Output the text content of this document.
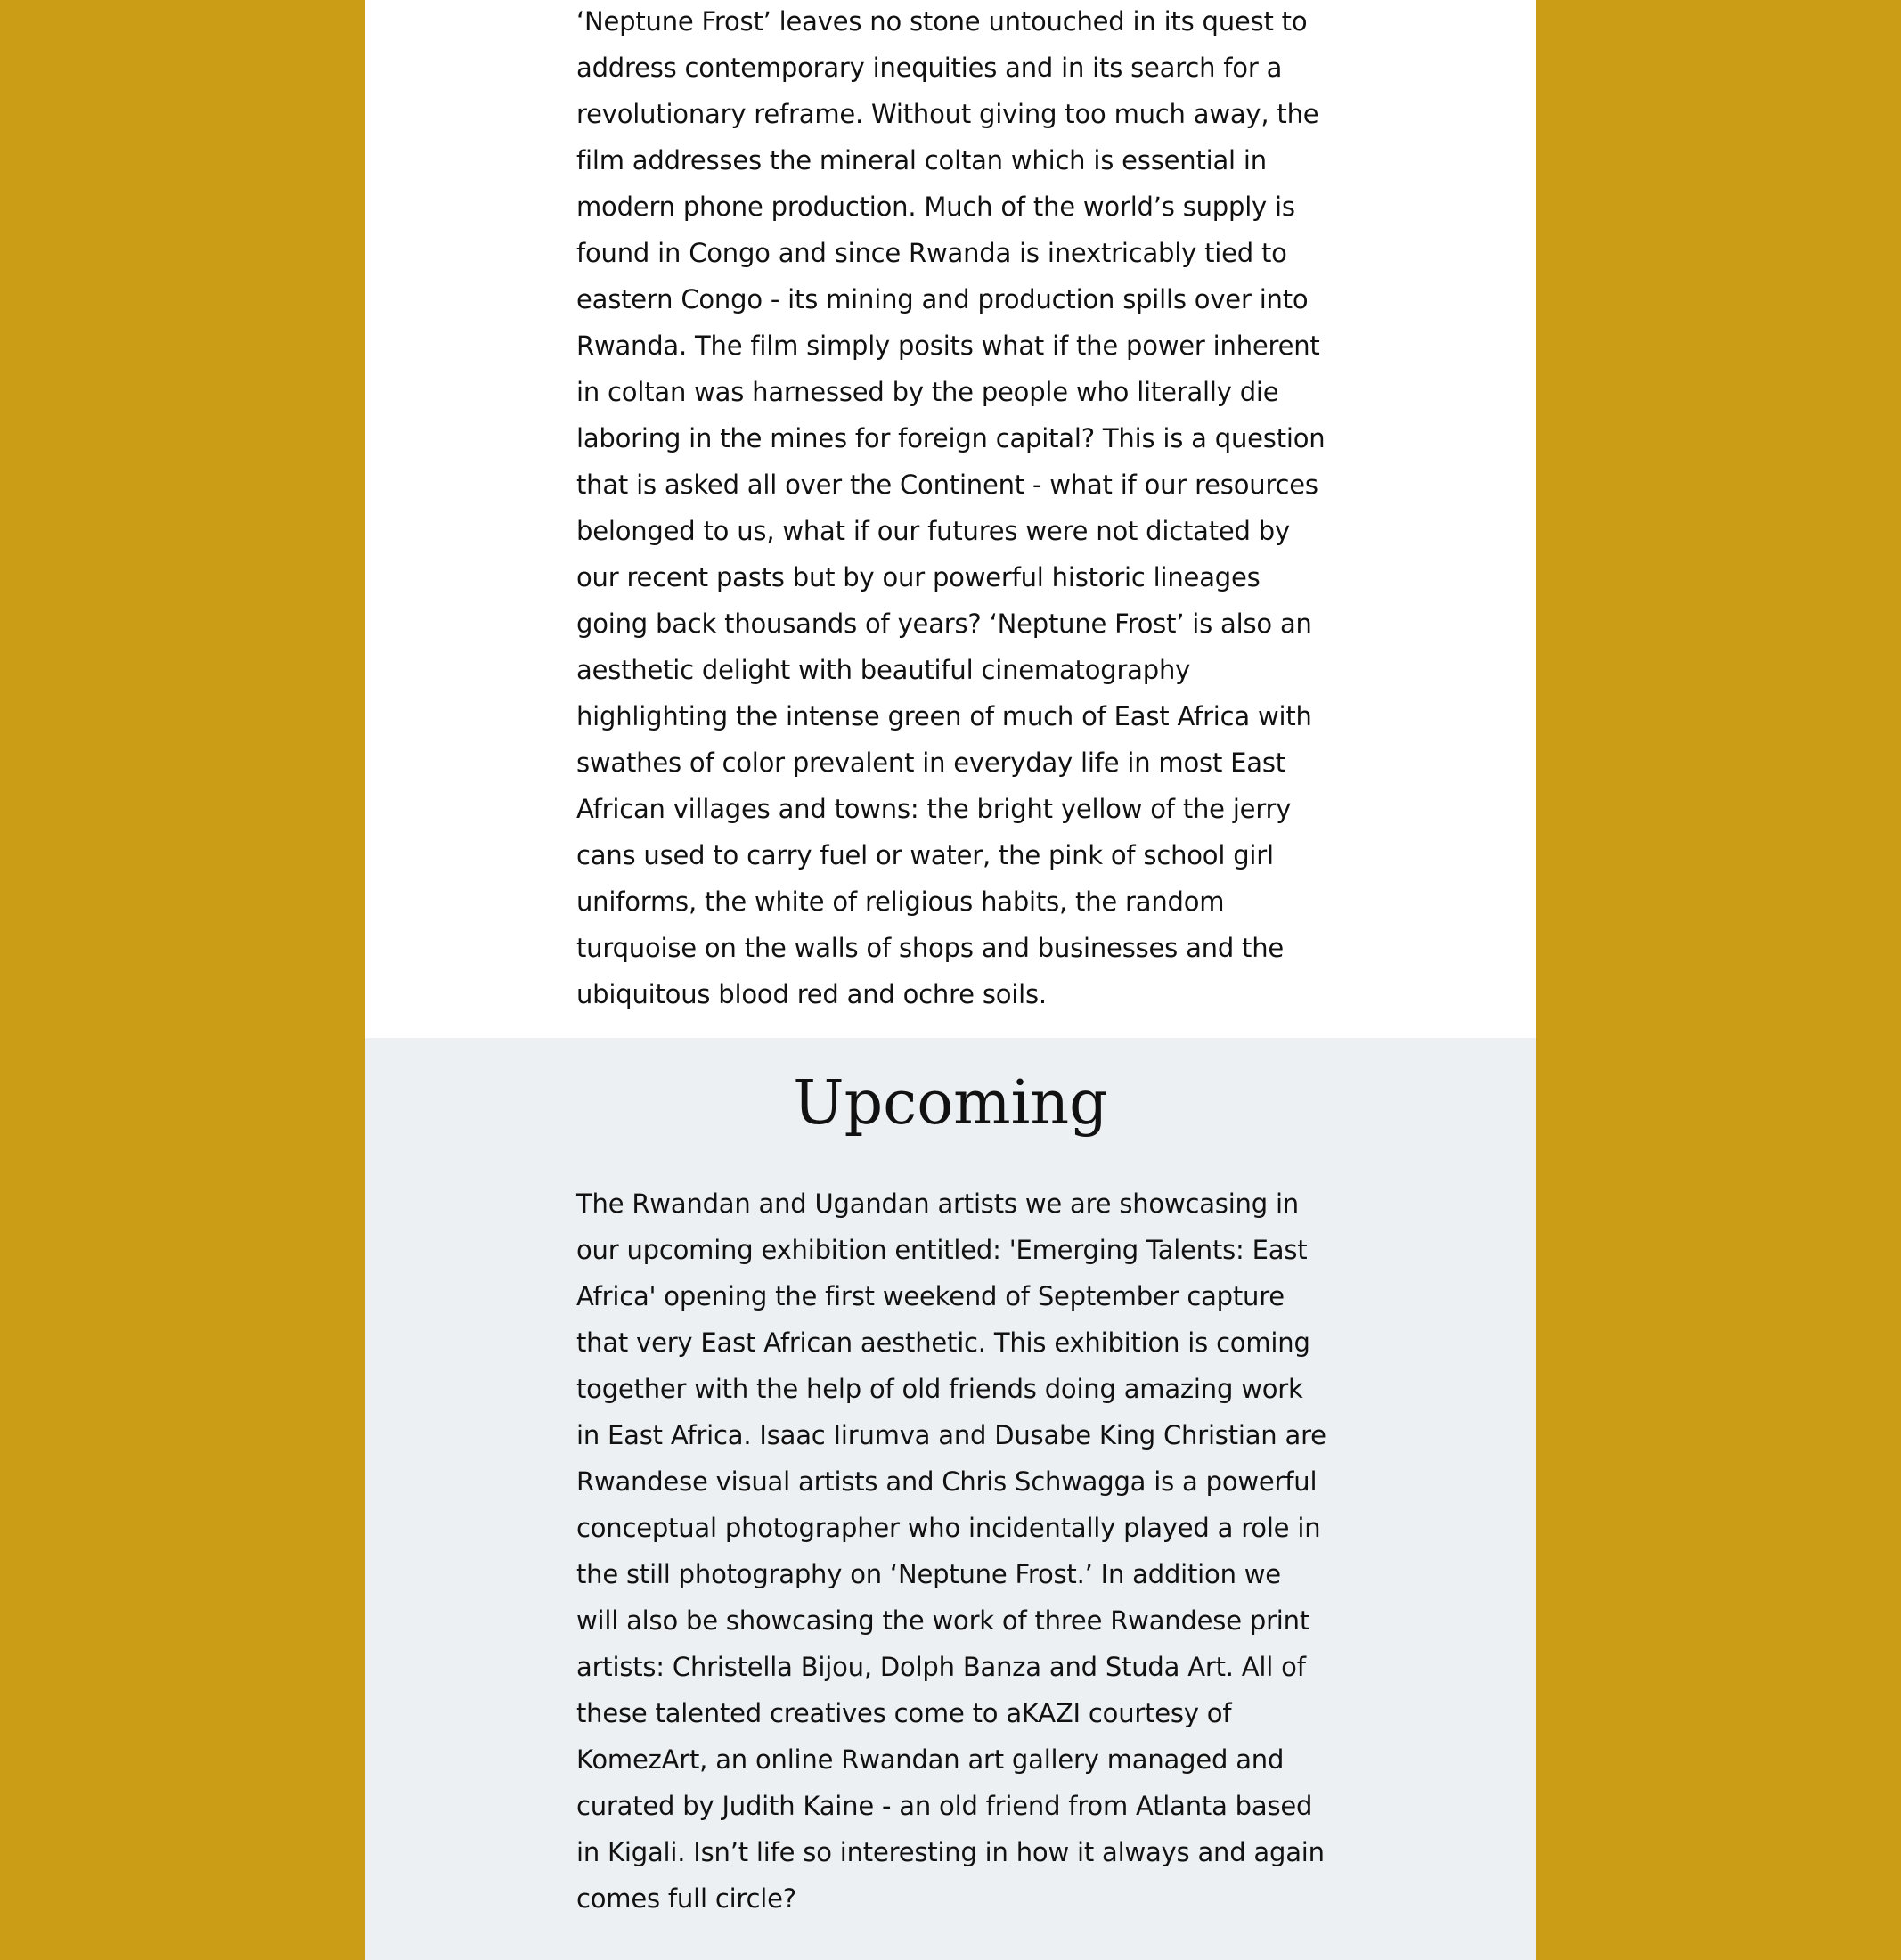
‘Neptune Frost’ leaves no stone untouched in its quest to
address contemporary inequities and in its search for a
revolutionary reframe. Without giving too much away, the
film addresses the mineral coltan which is essential in
modern phone production. Much of the world’s supply is
found in Congo and since Rwanda is inextricably tied to
eastern Congo - its mining and production spills over into
Rwanda. The film simply posits what if the power inherent
in coltan was harnessed by the people who literally die
laboring in the mines for foreign capital? This is a question
that is asked all over the Continent - what if our resources
belonged to us, what if our futures were not dictated by
our recent pasts but by our powerful historic lineages
going back thousands of years? ‘Neptune Frost’ is also an
aesthetic delight with beautiful cinematography
highlighting the intense green of much of East Africa with
swathes of color prevalent in everyday life in most East
African villages and towns: the bright yellow of the jerry
cans used to carry fuel or water, the pink of school girl
uniforms, the white of religious habits, the random
turquoise on the walls of shops and businesses and the
ubiquitous blood red and ochre soils.

Upcoming

The Rwandan and Ugandan artists we are showcasing in
our upcoming exhibition entitled: 'Emerging Talents: East
Africa' opening the first weekend of September capture
that very East African aesthetic. This exhibition is coming
together with the help of old friends doing amazing work
in East Africa. Isaac Iirumva and Dusabe King Christian are
Rwandese visual artists and Chris Schwagga is a powerful
conceptual photographer who incidentally played a role in
the still photography on ‘Neptune Frost.’ In addition we
will also be showcasing the work of three Rwandese print
artists: Christella Bijou, Dolph Banza and Studa Art. All of
these talented creatives come to aKAZI courtesy of
KomezArt, an online Rwandan art gallery managed and
curated by Judith Kaine - an old friend from Atlanta based
in Kigali. Isn’t life so interesting in how it always and again
comes full circle?
